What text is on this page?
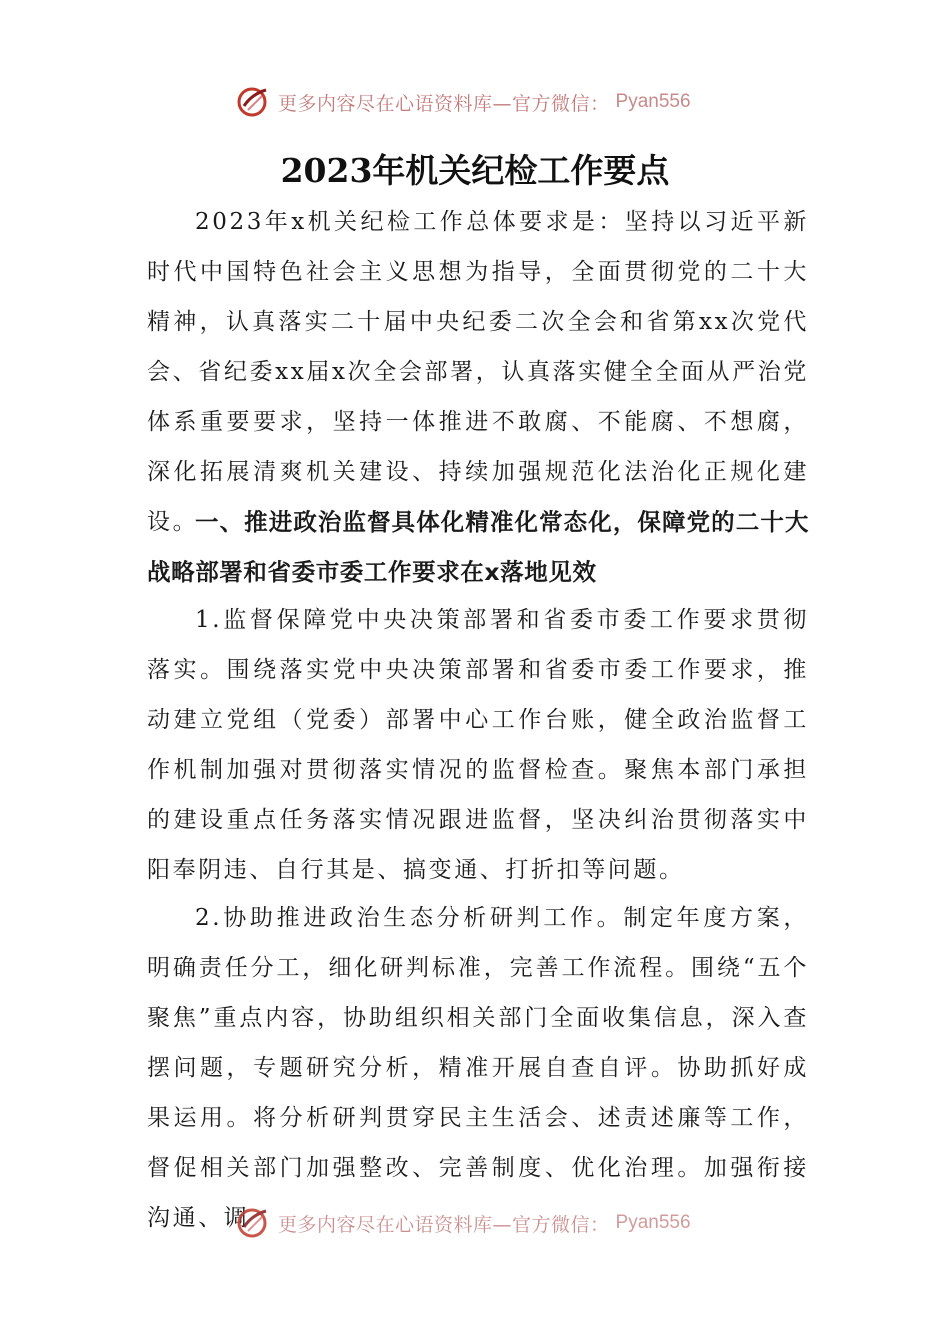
更多内容尽在心语资料库—官方微信： Pyan556
2023年机关纪检工作要点

2023年x机关纪检工作总体要求是：坚持以习近平新时代中国特色社会主义思想为指导，全面贯彻党的二十大精神，认真落实二十届中央纪委二次全会和省第xx次党代会、省纪委xx届x次全会部署，认真落实健全全面从严治党体系重要要求，坚持一体推进不敢腐、不能腐、不想腐，深化拓展清爽机关建设、持续加强规范化法治化正规化建设。

一、推进政治监督具体化精准化常态化，保障党的二十大战略部署和省委市委工作要求在x落地见效

1.监督保障党中央决策部署和省委市委工作要求贯彻落实。围绕落实党中央决策部署和省委市委工作要求，推动建立党组（党委）部署中心工作台账，健全政治监督工作机制加强对贯彻落实情况的监督检查。聚焦本部门承担的建设重点任务落实情况跟进监督，坚决纠治贯彻落实中阳奉阴违、自行其是、搞变通、打折扣等问题。

2.协助推进政治生态分析研判工作。制定年度方案，明确责任分工，细化研判标准，完善工作流程。围绕“五个聚焦”重点内容，协助组织相关部门全面收集信息，深入查摆问题，专题研究分析，精准开展自查自评。协助抓好成果运用。将分析研判贯穿民主生活会、述责述廉等工作，督促相关部门加强整改、完善制度、优化治理。加强衔接沟通、调	更多内容尽在心语资料库—官方微信： Pyan556
